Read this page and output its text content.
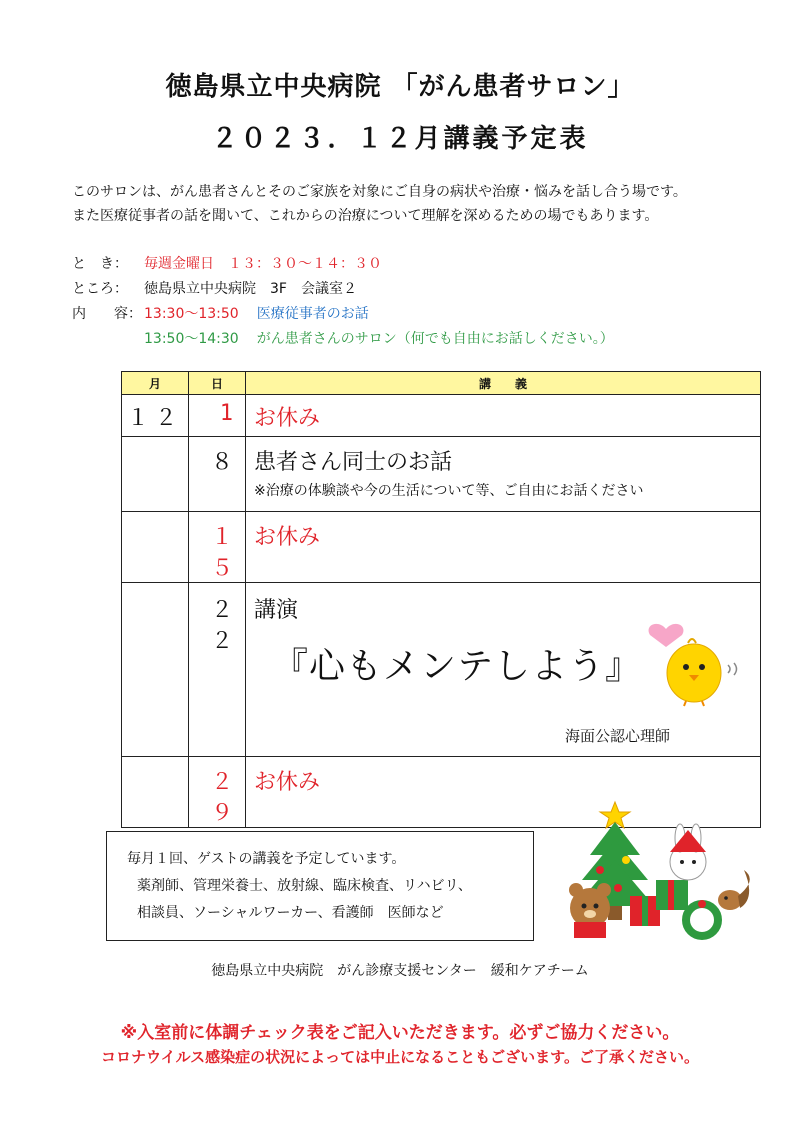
徳島県立中央病院 「がん患者サロン」
２０２３．１２月講義予定表
このサロンは、がん患者さんとそのご家族を対象にご自身の病状や治療・悩みを話し合う場です。
また医療従事者の話を聞いて、これからの治療について理解を深めるための場でもあります。
と　き：	毎週金曜日　１３：３０～１４：３０
ところ：	徳島県立中央病院　3F　会議室２
内　　容： 13:30～13:50 医療従事者のお話
13:50～14:30 がん患者さんのサロン（何でも自由にお話しください。）
月	日	講　　義
１２	1	お休み
	８	患者さん同士のお話
※治療の体験談や今の生活について等、ご自由にお話ください

	１５	お休み
	２２	講演
『心もメンテしよう』
海面公認心理師

	２９	お休み
毎月１回、ゲストの講義を予定しています。
薬剤師、管理栄養士、放射線、臨床検査、リハビリ、
相談員、ソーシャルワーカー、看護師　医師など
徳島県立中央病院　がん診療支援センター　緩和ケアチーム
※入室前に体調チェック表をご記入いただきます。必ずご協力ください。
コロナウイルス感染症の状況によっては中止になることもございます。ご了承ください。
